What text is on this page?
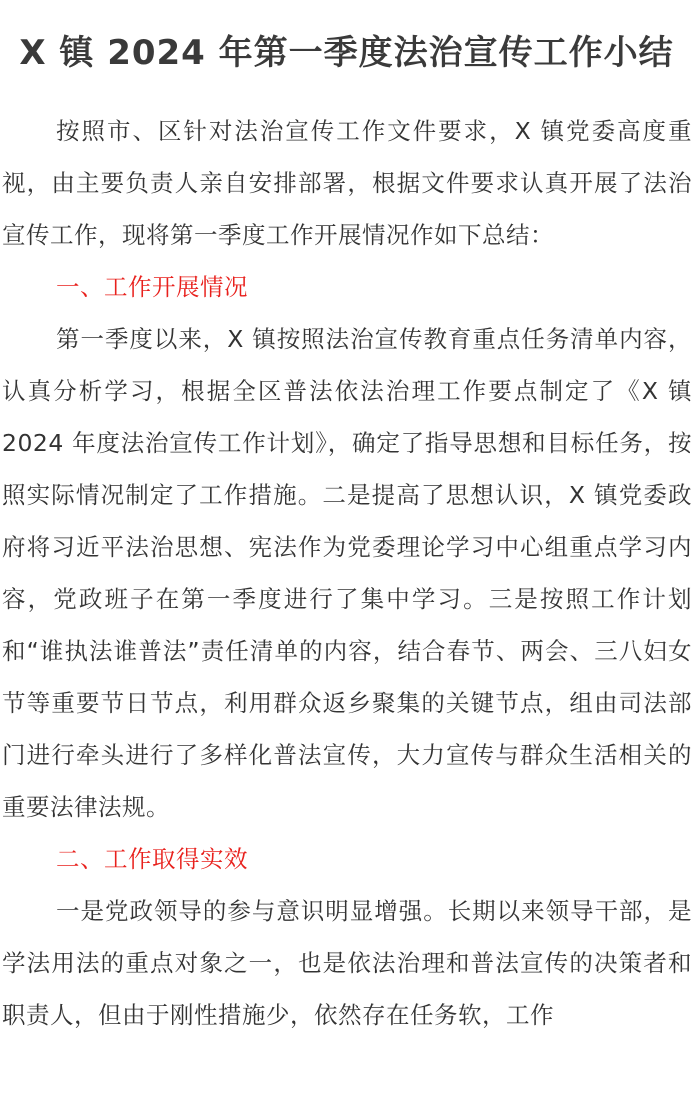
X 镇 2024 年第一季度法治宣传工作小结

按照市、区针对法治宣传工作文件要求，X 镇党委高度重视，由主要负责人亲自安排部署，根据文件要求认真开展了法治宣传工作，现将第一季度工作开展情况作如下总结：

一、工作开展情况

第一季度以来，X 镇按照法治宣传教育重点任务清单内容，认真分析学习，根据全区普法依法治理工作要点制定了《X 镇 2024 年度法治宣传工作计划》，确定了指导思想和目标任务，按照实际情况制定了工作措施。二是提高了思想认识，X 镇党委政府将习近平法治思想、宪法作为党委理论学习中心组重点学习内容，党政班子在第一季度进行了集中学习。三是按照工作计划和“谁执法谁普法”责任清单的内容，结合春节、两会、三八妇女节等重要节日节点，利用群众返乡聚集的关键节点，组由司法部门进行牵头进行了多样化普法宣传，大力宣传与群众生活相关的重要法律法规。

二、工作取得实效

一是党政领导的参与意识明显增强。长期以来领导干部，是学法用法的重点对象之一，也是依法治理和普法宣传的决策者和职责人，但由于刚性措施少，依然存在任务软，工作
